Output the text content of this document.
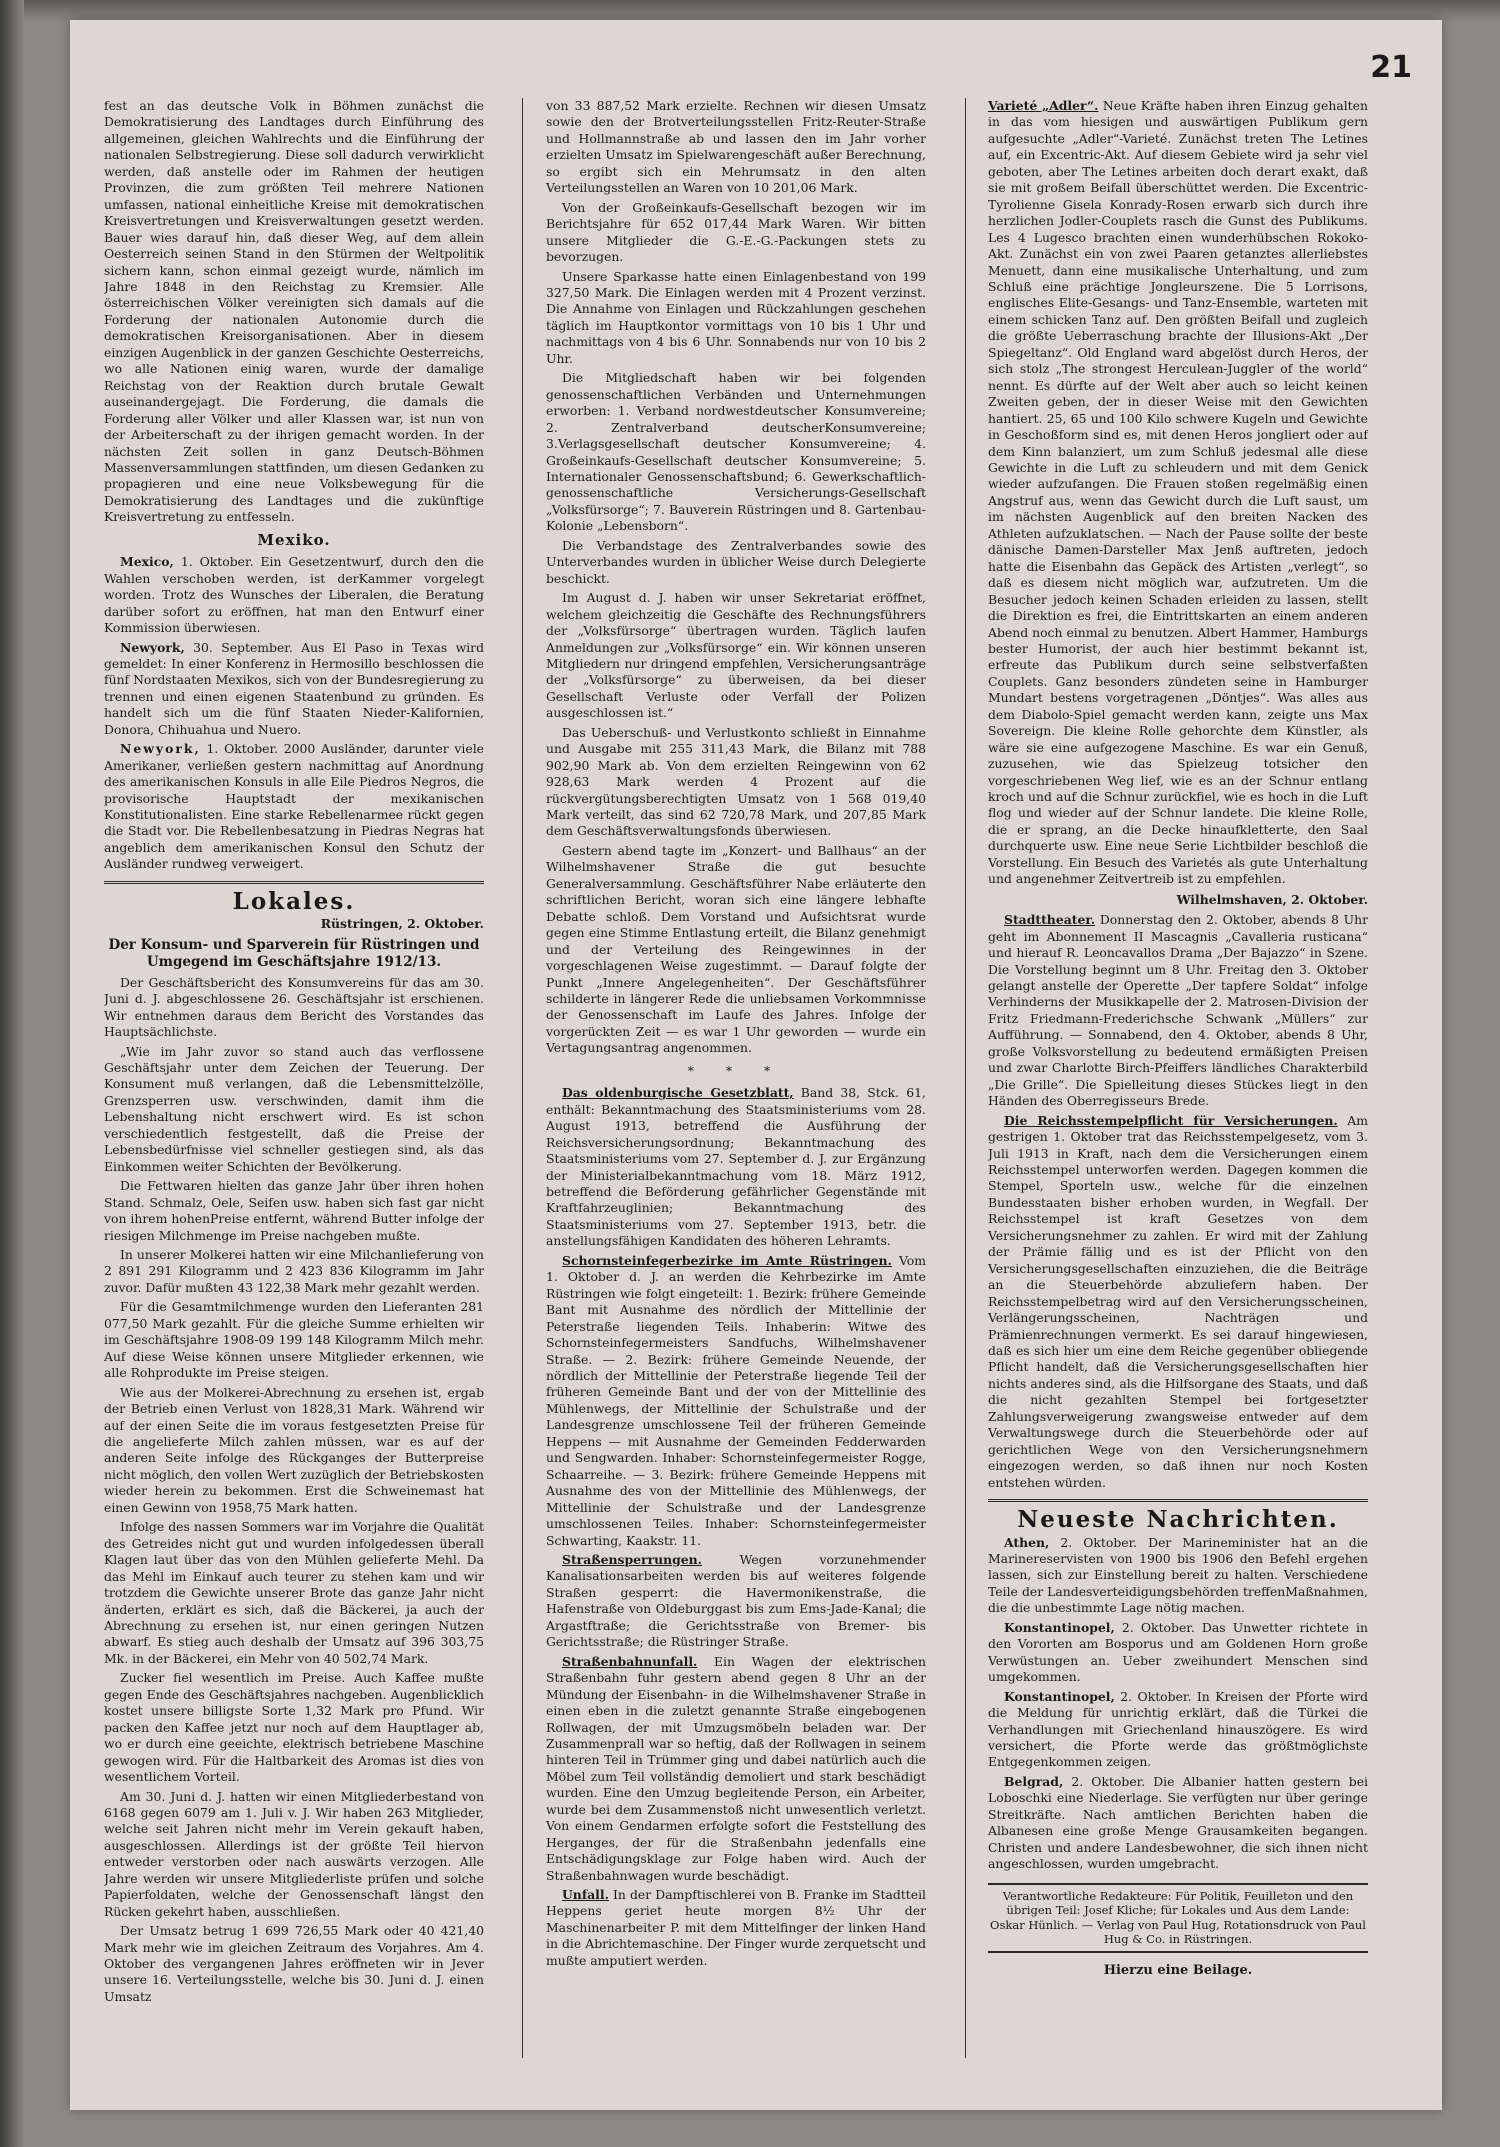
21

fest an das deutsche Volk in Böhmen zunächst die Demokratisierung des Landtages durch Einführung des allgemeinen, gleichen Wahlrechts und die Einführung der nationalen Selbstregierung. Diese soll dadurch verwirklicht werden, daß anstelle oder im Rahmen der heutigen Provinzen, die zum größten Teil mehrere Nationen umfassen, national einheitliche Kreise mit demokratischen Kreisvertretungen und Kreisverwaltungen gesetzt werden. Bauer wies darauf hin, daß dieser Weg, auf dem allein Oesterreich seinen Stand in den Stürmen der Weltpolitik sichern kann, schon einmal gezeigt wurde, nämlich im Jahre 1848 in den Reichstag zu Kremsier. Alle österreichischen Völker vereinigten sich damals auf die Forderung der nationalen Autonomie durch die demokratischen Kreisorganisationen. Aber in diesem einzigen Augenblick in der ganzen Geschichte Oesterreichs, wo alle Nationen einig waren, wurde der damalige Reichstag von der Reaktion durch brutale Gewalt auseinandergejagt. Die Forderung, die damals die Forderung aller Völker und aller Klassen war, ist nun von der Arbeiterschaft zu der ihrigen gemacht worden. In der nächsten Zeit sollen in ganz Deutsch-Böhmen Massenversammlungen stattfinden, um diesen Gedanken zu propagieren und eine neue Volksbewegung für die Demokratisierung des Landtages und die zukünftige Kreisvertretung zu entfesseln.

Mexiko.

Mexico, 1. Oktober. Ein Gesetzentwurf, durch den die Wahlen verschoben werden, ist derKammer vorgelegt worden. Trotz des Wunsches der Liberalen, die Beratung darüber sofort zu eröffnen, hat man den Entwurf einer Kommission überwiesen.

Newyork, 30. September. Aus El Paso in Texas wird gemeldet: In einer Konferenz in Hermosillo beschlossen die fünf Nordstaaten Mexikos, sich von der Bundesregierung zu trennen und einen eigenen Staatenbund zu gründen. Es handelt sich um die fünf Staaten Nieder-Kalifornien, Donora, Chihuahua und Nuero.

Newyork, 1. Oktober. 2000 Ausländer, darunter viele Amerikaner, verließen gestern nachmittag auf Anordnung des amerikanischen Konsuls in alle Eile Piedros Negros, die provisorische Hauptstadt der mexikanischen Konstitutionalisten. Eine starke Rebellenarmee rückt gegen die Stadt vor. Die Rebellenbesatzung in Piedras Negras hat angeblich dem amerikanischen Konsul den Schutz der Ausländer rundweg verweigert.

Lokales.
Rüstringen, 2. Oktober.
Der Konsum- und Sparverein für Rüstringen und Umgegend im Geschäftsjahre 1912/13.

Der Geschäftsbericht des Konsumvereins für das am 30. Juni d. J. abgeschlossene 26. Geschäftsjahr ist erschienen. Wir entnehmen daraus dem Bericht des Vorstandes das Hauptsächlichste.

„Wie im Jahr zuvor so stand auch das verflossene Geschäftsjahr unter dem Zeichen der Teuerung. Der Konsument muß verlangen, daß die Lebensmittelzölle, Grenzsperren usw. verschwinden, damit ihm die Lebenshaltung nicht erschwert wird. Es ist schon verschiedentlich festgestellt, daß die Preise der Lebensbedürfnisse viel schneller gestiegen sind, als das Einkommen weiter Schichten der Bevölkerung.

Die Fettwaren hielten das ganze Jahr über ihren hohen Stand. Schmalz, Oele, Seifen usw. haben sich fast gar nicht von ihrem hohenPreise entfernt, während Butter infolge der riesigen Milchmenge im Preise nachgeben mußte.

In unserer Molkerei hatten wir eine Milchanlieferung von 2 891 291 Kilogramm und 2 423 836 Kilogramm im Jahr zuvor. Dafür mußten 43 122,38 Mark mehr gezahlt werden.

Für die Gesamtmilchmenge wurden den Lieferanten 281 077,50 Mark gezahlt. Für die gleiche Summe erhielten wir im Geschäftsjahre 1908-09 199 148 Kilogramm Milch mehr. Auf diese Weise können unsere Mitglieder erkennen, wie alle Rohprodukte im Preise steigen.

Wie aus der Molkerei-Abrechnung zu ersehen ist, ergab der Betrieb einen Verlust von 1828,31 Mark. Während wir auf der einen Seite die im voraus festgesetzten Preise für die angelieferte Milch zahlen müssen, war es auf der anderen Seite infolge des Rückganges der Butterpreise nicht möglich, den vollen Wert zuzüglich der Betriebskosten wieder herein zu bekommen. Erst die Schweinemast hat einen Gewinn von 1958,75 Mark hatten.

Infolge des nassen Sommers war im Vorjahre die Qualität des Getreides nicht gut und wurden infolgedessen überall Klagen laut über das von den Mühlen gelieferte Mehl. Da das Mehl im Einkauf auch teurer zu stehen kam und wir trotzdem die Gewichte unserer Brote das ganze Jahr nicht änderten, erklärt es sich, daß die Bäckerei, ja auch der Abrechnung zu ersehen ist, nur einen geringen Nutzen abwarf. Es stieg auch deshalb der Umsatz auf 396 303,75 Mk. in der Bäckerei, ein Mehr von 40 502,74 Mark.

Zucker fiel wesentlich im Preise. Auch Kaffee mußte gegen Ende des Geschäftsjahres nachgeben. Augenblicklich kostet unsere billigste Sorte 1,32 Mark pro Pfund. Wir packen den Kaffee jetzt nur noch auf dem Hauptlager ab, wo er durch eine geeichte, elektrisch betriebene Maschine gewogen wird. Für die Haltbarkeit des Aromas ist dies von wesentlichem Vorteil.

Am 30. Juni d. J. hatten wir einen Mitgliederbestand von 6168 gegen 6079 am 1. Juli v. J. Wir haben 263 Mitglieder, welche seit Jahren nicht mehr im Verein gekauft haben, ausgeschlossen. Allerdings ist der größte Teil hiervon entweder verstorben oder nach auswärts verzogen. Alle Jahre werden wir unsere Mitgliederliste prüfen und solche Papierfoldaten, welche der Genossenschaft längst den Rücken gekehrt haben, ausschließen.

Der Umsatz betrug 1 699 726,55 Mark oder 40 421,40 Mark mehr wie im gleichen Zeitraum des Vorjahres. Am 4. Oktober des vergangenen Jahres eröffneten wir in Jever unsere 16. Verteilungsstelle, welche bis 30. Juni d. J. einen Umsatz

von 33 887,52 Mark erzielte. Rechnen wir diesen Umsatz sowie den der Brotverteilungsstellen Fritz-Reuter-Straße und Hollmannstraße ab und lassen den im Jahr vorher erzielten Umsatz im Spielwarengeschäft außer Berechnung, so ergibt sich ein Mehrumsatz in den alten Verteilungsstellen an Waren von 10 201,06 Mark.

Von der Großeinkaufs-Gesellschaft bezogen wir im Berichtsjahre für 652 017,44 Mark Waren. Wir bitten unsere Mitglieder die G.-E.-G.-Packungen stets zu bevorzugen.

Unsere Sparkasse hatte einen Einlagenbestand von 199 327,50 Mark. Die Einlagen werden mit 4 Prozent verzinst. Die Annahme von Einlagen und Rückzahlungen geschehen täglich im Hauptkontor vormittags von 10 bis 1 Uhr und nachmittags von 4 bis 6 Uhr. Sonnabends nur von 10 bis 2 Uhr.

Die Mitgliedschaft haben wir bei folgenden genossenschaftlichen Verbänden und Unternehmungen erworben: 1. Verband nordwestdeutscher Konsumvereine; 2. Zentralverband deutscherKonsumvereine; 3.Verlagsgesellschaft deutscher Konsumvereine; 4. Großeinkaufs-Gesellschaft deutscher Konsumvereine; 5. Internationaler Genossenschaftsbund; 6. Gewerkschaftlich-genossenschaftliche Versicherungs-Gesellschaft „Volksfürsorge“; 7. Bauverein Rüstringen und 8. Gartenbau-Kolonie „Lebensborn“.

Die Verbandstage des Zentralverbandes sowie des Unterverbandes wurden in üblicher Weise durch Delegierte beschickt.

Im August d. J. haben wir unser Sekretariat eröffnet, welchem gleichzeitig die Geschäfte des Rechnungsführers der „Volksfürsorge“ übertragen wurden. Täglich laufen Anmeldungen zur „Volksfürsorge“ ein. Wir können unseren Mitgliedern nur dringend empfehlen, Versicherungsanträge der „Volksfürsorge“ zu überweisen, da bei dieser Gesellschaft Verluste oder Verfall der Polizen ausgeschlossen ist.“

Das Ueberschuß- und Verlustkonto schließt in Einnahme und Ausgabe mit 255 311,43 Mark, die Bilanz mit 788 902,90 Mark ab. Von dem erzielten Reingewinn von 62 928,63 Mark werden 4 Prozent auf die rückvergütungsberechtigten Umsatz von 1 568 019,40 Mark verteilt, das sind 62 720,78 Mark, und 207,85 Mark dem Geschäftsverwaltungsfonds überwiesen.

Gestern abend tagte im „Konzert- und Ballhaus“ an der Wilhelmshavener Straße die gut besuchte Generalversammlung. Geschäftsführer Nabe erläuterte den schriftlichen Bericht, woran sich eine längere lebhafte Debatte schloß. Dem Vorstand und Aufsichtsrat wurde gegen eine Stimme Entlastung erteilt, die Bilanz genehmigt und der Verteilung des Reingewinnes in der vorgeschlagenen Weise zugestimmt. — Darauf folgte der Punkt „Innere Angelegenheiten“. Der Geschäftsführer schilderte in längerer Rede die unliebsamen Vorkommnisse der Genossenschaft im Laufe des Jahres. Infolge der vorgerückten Zeit — es war 1 Uhr geworden — wurde ein Vertagungsantrag angenommen.

* * *

Das oldenburgische Gesetzblatt, Band 38, Stck. 61, enthält: Bekanntmachung des Staatsministeriums vom 28. August 1913, betreffend die Ausführung der Reichsversicherungsordnung; Bekanntmachung des Staatsministeriums vom 27. September d. J. zur Ergänzung der Ministerialbekanntmachung vom 18. März 1912, betreffend die Beförderung gefährlicher Gegenstände mit Kraftfahrzeuglinien; Bekanntmachung des Staatsministeriums vom 27. September 1913, betr. die anstellungsfähigen Kandidaten des höheren Lehramts.

Schornsteinfegerbezirke im Amte Rüstringen. Vom 1. Oktober d. J. an werden die Kehrbezirke im Amte Rüstringen wie folgt eingeteilt: 1. Bezirk: frühere Gemeinde Bant mit Ausnahme des nördlich der Mittellinie der Peterstraße liegenden Teils. Inhaberin: Witwe des Schornsteinfegermeisters Sandfuchs, Wilhelmshavener Straße. — 2. Bezirk: frühere Gemeinde Neuende, der nördlich der Mittellinie der Peterstraße liegende Teil der früheren Gemeinde Bant und der von der Mittellinie des Mühlenwegs, der Mittellinie der Schulstraße und der Landesgrenze umschlossene Teil der früheren Gemeinde Heppens — mit Ausnahme der Gemeinden Fedderwarden und Sengwarden. Inhaber: Schornsteinfegermeister Rogge, Schaarreihe. — 3. Bezirk: frühere Gemeinde Heppens mit Ausnahme des von der Mittellinie des Mühlenwegs, der Mittellinie der Schulstraße und der Landesgrenze umschlossenen Teiles. Inhaber: Schornsteinfegermeister Schwarting, Kaakstr. 11.

Straßensperrungen. Wegen vorzunehmender Kanalisationsarbeiten werden bis auf weiteres folgende Straßen gesperrt: die Havermonikenstraße, die Hafenstraße von Oldeburggast bis zum Ems-Jade-Kanal; die Argastftraße; die Gerichtsstraße von Bremer- bis Gerichtsstraße; die Rüstringer Straße.

Straßenbahnunfall. Ein Wagen der elektrischen Straßenbahn fuhr gestern abend gegen 8 Uhr an der Mündung der Eisenbahn- in die Wilhelmshavener Straße in einen eben in die zuletzt genannte Straße eingebogenen Rollwagen, der mit Umzugsmöbeln beladen war. Der Zusammenprall war so heftig, daß der Rollwagen in seinem hinteren Teil in Trümmer ging und dabei natürlich auch die Möbel zum Teil vollständig demoliert und stark beschädigt wurden. Eine den Umzug begleitende Person, ein Arbeiter, wurde bei dem Zusammenstoß nicht unwesentlich verletzt. Von einem Gendarmen erfolgte sofort die Feststellung des Herganges, der für die Straßenbahn jedenfalls eine Entschädigungsklage zur Folge haben wird. Auch der Straßenbahnwagen wurde beschädigt.

Unfall. In der Dampftischlerei von B. Franke im Stadtteil Heppens geriet heute morgen 8½ Uhr der Maschinenarbeiter P. mit dem Mittelfinger der linken Hand in die Abrichtemaschine. Der Finger wurde zerquetscht und mußte amputiert werden.

Varieté „Adler“. Neue Kräfte haben ihren Einzug gehalten in das vom hiesigen und auswärtigen Publikum gern aufgesuchte „Adler“-Varieté. Zunächst treten The Letines auf, ein Excentric-Akt. Auf diesem Gebiete wird ja sehr viel geboten, aber The Letines arbeiten doch derart exakt, daß sie mit großem Beifall überschüttet werden. Die Excentric-Tyrolienne Gisela Konrady-Rosen erwarb sich durch ihre herzlichen Jodler-Couplets rasch die Gunst des Publikums. Les 4 Lugesco brachten einen wunderhübschen Rokoko-Akt. Zunächst ein von zwei Paaren getanztes allerliebstes Menuett, dann eine musikalische Unterhaltung, und zum Schluß eine prächtige Jongleurszene. Die 5 Lorrisons, englisches Elite-Gesangs- und Tanz-Ensemble, warteten mit einem schicken Tanz auf. Den größten Beifall und zugleich die größte Ueberraschung brachte der Illusions-Akt „Der Spiegeltanz“. Old England ward abgelöst durch Heros, der sich stolz „The strongest Herculean-Juggler of the world“ nennt. Es dürfte auf der Welt aber auch so leicht keinen Zweiten geben, der in dieser Weise mit den Gewichten hantiert. 25, 65 und 100 Kilo schwere Kugeln und Gewichte in Geschoßform sind es, mit denen Heros jongliert oder auf dem Kinn balanziert, um zum Schluß jedesmal alle diese Gewichte in die Luft zu schleudern und mit dem Genick wieder aufzufangen. Die Frauen stoßen regelmäßig einen Angstruf aus, wenn das Gewicht durch die Luft saust, um im nächsten Augenblick auf den breiten Nacken des Athleten aufzuklatschen. — Nach der Pause sollte der beste dänische Damen-Darsteller Max Jenß auftreten, jedoch hatte die Eisenbahn das Gepäck des Artisten „verlegt“, so daß es diesem nicht möglich war, aufzutreten. Um die Besucher jedoch keinen Schaden erleiden zu lassen, stellt die Direktion es frei, die Eintrittskarten an einem anderen Abend noch einmal zu benutzen. Albert Hammer, Hamburgs bester Humorist, der auch hier bestimmt bekannt ist, erfreute das Publikum durch seine selbstverfaßten Couplets. Ganz besonders zündeten seine in Hamburger Mundart bestens vorgetragenen „Döntjes“. Was alles aus dem Diabolo-Spiel gemacht werden kann, zeigte uns Max Sovereign. Die kleine Rolle gehorchte dem Künstler, als wäre sie eine aufgezogene Maschine. Es war ein Genuß, zuzusehen, wie das Spielzeug totsicher den vorgeschriebenen Weg lief, wie es an der Schnur entlang kroch und auf die Schnur zurückfiel, wie es hoch in die Luft flog und wieder auf der Schnur landete. Die kleine Rolle, die er sprang, an die Decke hinaufkletterte, den Saal durchquerte usw. Eine neue Serie Lichtbilder beschloß die Vorstellung. Ein Besuch des Varietés als gute Unterhaltung und angenehmer Zeitvertreib ist zu empfehlen.

Wilhelmshaven, 2. Oktober.

Stadttheater. Donnerstag den 2. Oktober, abends 8 Uhr geht im Abonnement II Mascagnis „Cavalleria rusticana“ und hierauf R. Leoncavallos Drama „Der Bajazzo“ in Szene. Die Vorstellung beginnt um 8 Uhr. Freitag den 3. Oktober gelangt anstelle der Operette „Der tapfere Soldat“ infolge Verhinderns der Musikkapelle der 2. Matrosen-Division der Fritz Friedmann-Frederichsche Schwank „Müllers“ zur Aufführung. — Sonnabend, den 4. Oktober, abends 8 Uhr, große Volksvorstellung zu bedeutend ermäßigten Preisen und zwar Charlotte Birch-Pfeiffers ländliches Charakterbild „Die Grille“. Die Spielleitung dieses Stückes liegt in den Händen des Oberregisseurs Brede.

Die Reichsstempelpflicht für Versicherungen. Am gestrigen 1. Oktober trat das Reichsstempelgesetz, vom 3. Juli 1913 in Kraft, nach dem die Versicherungen einem Reichsstempel unterworfen werden. Dagegen kommen die Stempel, Sporteln usw., welche für die einzelnen Bundesstaaten bisher erhoben wurden, in Wegfall. Der Reichsstempel ist kraft Gesetzes von dem Versicherungsnehmer zu zahlen. Er wird mit der Zahlung der Prämie fällig und es ist der Pflicht von den Versicherungsgesellschaften einzuziehen, die die Beiträge an die Steuerbehörde abzuliefern haben. Der Reichsstempelbetrag wird auf den Versicherungsscheinen, Verlängerungsscheinen, Nachträgen und Prämienrechnungen vermerkt. Es sei darauf hingewiesen, daß es sich hier um eine dem Reiche gegenüber obliegende Pflicht handelt, daß die Versicherungsgesellschaften hier nichts anderes sind, als die Hilfsorgane des Staats, und daß die nicht gezahlten Stempel bei fortgesetzter Zahlungsverweigerung zwangsweise entweder auf dem Verwaltungswege durch die Steuerbehörde oder auf gerichtlichen Wege von den Versicherungsnehmern eingezogen werden, so daß ihnen nur noch Kosten entstehen würden.

Neueste Nachrichten.

Athen, 2. Oktober. Der Marineminister hat an die Marinereservisten von 1900 bis 1906 den Befehl ergehen lassen, sich zur Einstellung bereit zu halten. Verschiedene Teile der Landesverteidigungsbehörden treffenMaßnahmen, die die unbestimmte Lage nötig machen.

Konstantinopel, 2. Oktober. Das Unwetter richtete in den Vororten am Bosporus und am Goldenen Horn große Verwüstungen an. Ueber zweihundert Menschen sind umgekommen.

Konstantinopel, 2. Oktober. In Kreisen der Pforte wird die Meldung für unrichtig erklärt, daß die Türkei die Verhandlungen mit Griechenland hinauszögere. Es wird versichert, die Pforte werde das größtmöglichste Entgegenkommen zeigen.

Belgrad, 2. Oktober. Die Albanier hatten gestern bei Loboschki eine Niederlage. Sie verfügten nur über geringe Streitkräfte. Nach amtlichen Berichten haben die Albanesen eine große Menge Grausamkeiten begangen. Christen und andere Landesbewohner, die sich ihnen nicht angeschlossen, wurden umgebracht.

Verantwortliche Redakteure: Für Politik, Feuilleton und den übrigen Teil: Josef Kliche; für Lokales und Aus dem Lande: Oskar Hünlich. — Verlag von Paul Hug, Rotationsdruck von Paul Hug & Co. in Rüstringen.
Hierzu eine Beilage.
